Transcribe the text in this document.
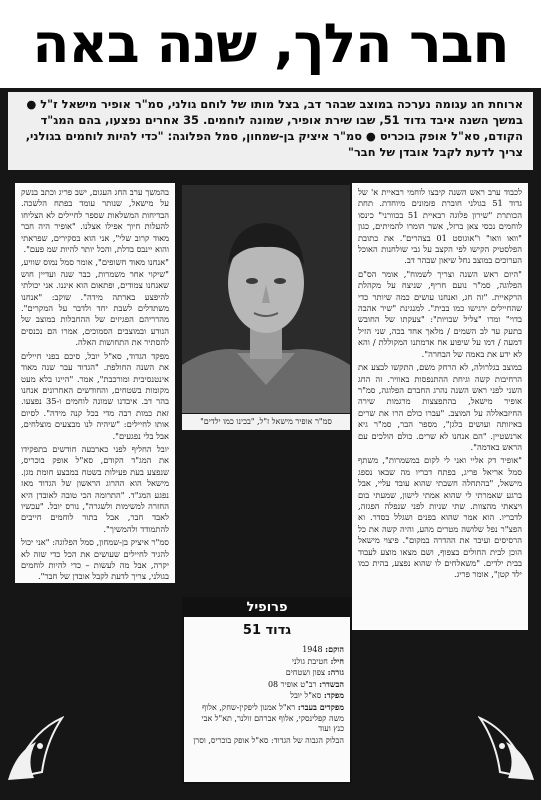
חבר הלך, שנה באה
ארוחת חג עגומה נערכה במוצב שבהר דב, בצל מותו של לוחם גולני, סמ"ר אופיר מישאל ז"ל ● במשך השנה איבד גדוד 51, שבו שירת אופיר, שמונה לוחמים. 35 אחרים נפצעו, בהם המג"ד הקודם, סא"ל אופק בוכריס ● סמ"ר איציק בן-שמחון, סמל הפלוגה: "כדי להיות לוחמים בגולני, צריך לדעת לקבל אובדן של חבר"

לכבוד ערב ראש השנה קיבצו לוחמי רבאיית א' של גדוד 51 בגולני חוברת פזמונים מיוחדת. תחת הכותרת "שירון פלוגה רבאיית 51 בכוורני" כינסו לוחמים נכסי צאן ברזל, אשר הומרו להמיתים, כגון "וואו וואו" ו"אוגוסט 01 בצהרים". את כתובת הפלסטיק הקישו לפי הקצב על גבי שולחנות האוכל הערוכים במוצב נחל שיאון שבהר דב.

"היום ראש השנה וצריך לשמוח", אומר הס"ם הפלוגה, סמ"ר נועם חריף, שניצח על מקהלת הרקאיית. "זה חג, ואנחנו עושים כמה שיותר כדי שהחיילים ירגישו כמו בבית". למנגינת "שיר אהבה בדוי" ומרו "צליל שבויות": "צעקתו של החובש בתעק עד לב השמים / מלאך אחד בכה, שני הזיל דמעה / דמו על שיפוע אח אדמתנו המקוללת / והא לא ידע את באמה של הבחרה".

במוצב בגלרולה, לא הרחק משם, התקשו לבצע את הרחיבות קשה וגיחת ההתנפסות באוויר. זה החג השני לפני ראש השנה נהרג החברם הפלוגה, סמ"ר אופיר מישאל, בהתפצצות מרגמות שירה החיזבאללה על המוצב. "עברו כולם הרו את שרים באיזותה ועושים בלגן", מספר הבר, סמ"ר גיא ארנשטיין. "הם אנחנו לא שרים. כולם הולכים עם הראש באדמה".

"אופיר דק אליי ואני לי לקום במשמרות", משתף סמל אריאל פריג, בפתח דבריו מה שבאו נספג מישאל, "בהתחלה חשבתי שהוא עובד עליי, אבל ברגע שאמרתי לי שהוא אמתי לישון, שמעתי בום ויצאתי מהצוות. שתי שניות לפני שנפלה הפגזה, לדבריו. הוא אמר שהוא בפנים ושגלל בסדר. וא הפצ"ר נפל שלושה מטרים מהע, והיה קשה את כל הרסיסים ועיבר את ההדרה במקום". פיצוי מישאל הוכן לבית החולים בצפוף, ושם מצאו מוצע לעבוד בבית ילדים. "משאלחים לו שהוא נפצע, בהית כמו ילד קטן", אומר פריג.

בהמשך ערב החג העגום, ישב פריג וכתב בנשק על מישאל, שנותר עומד בפתח הלשכה. הבדיחות המשלאות שספר לחיילים לא הצליחו להעלות חיוך אפילו אצלנו. "אופיר היה חבר מאוד קרוב שלי", אני הוא בסקירים, שפראתי והוא יינבס בדלת, והכל יותר להיות שמ פעם".

"אנחנו מאוד חשופים", אומר סמל נמוס שוויע, "שיקוי אחר משמרות, כבר שנה ועדיין חוש שאנחנו צמודים, ופתאום הוא איננו. אני יכולתי להיפצע בארתה מידה". שוקב: "אנחנו משתדלים לשבת יחד ולדבר על המקרים". מהרריהם הפגיזים של ההחבלות במוצב של הנודע ובמוצבים הסמוכים, אמרו הם נכנסים להסתיר את התחושות האלה.

מפקד הגדוד, סא"ל יובל, סיכם בפני חיילים את השנה החולפת. "הגדוד עבר שנה מאוד אינטנסיבית ומורכבת", אמר. "היינו בלא מעט מקומות בשטחים, והחודשים האחרונים אנחנו בהר דב. איבדנו שמונה לוחמים ו-35 נפצעו. זאת כמות רבה מדי בכל קנה מידה". לסיום אותו לחיילים: "שיהיה לנו מבצעים מוצלחים, אבל בלי נפגעים".

יובל החליף לפני כארבעה חודשים בתפקידו את המג"ד הקודם, סא"ל אופק בוכריס, שנפצע בעת פעילות בשטח במבצע חומת מגן. מישאל הוא ההרוג הראשון של הגדוד מאז נפגע המג"ד. "התרומה הכי טובה לאובדן היא החזרה למשימות ולשגרה", נורס יובל. "עכשיו לאבד חבר, אבל בתור לוחמים חייבים להתמודד ולהמשיך".

סמ"ר איציק בן-שמחון, סמל הפלוגה: "אני יכול להגיד לחיילים שעושים את הכל כדי שזה לא יקרה, אבל מה לעשות – כדי להיות לוחמים בגולני, צריך לדעת לקבל אובדן של חבר".

סמ"ר אופיר מישאל ז"ל, "בכינו כמו ילדים"
פרופיל
גדוד 51
הוקם: 1948
חיל: חטיבת גולני
גזרה: צפון ושטחים
הבשדר: רב"ט אופיר 08
מפקד: סא"ל יובל
מפקדים בעבר: רא"ל אמנון ליפקין-שחק, אלוף משה קפלינסקי, אלוף אברהם זולנר, תא"ל אבי כנץ ועוד
הבלוק הגבוה של הגדוד: סא"ל אופק בוכריס, וסרן
